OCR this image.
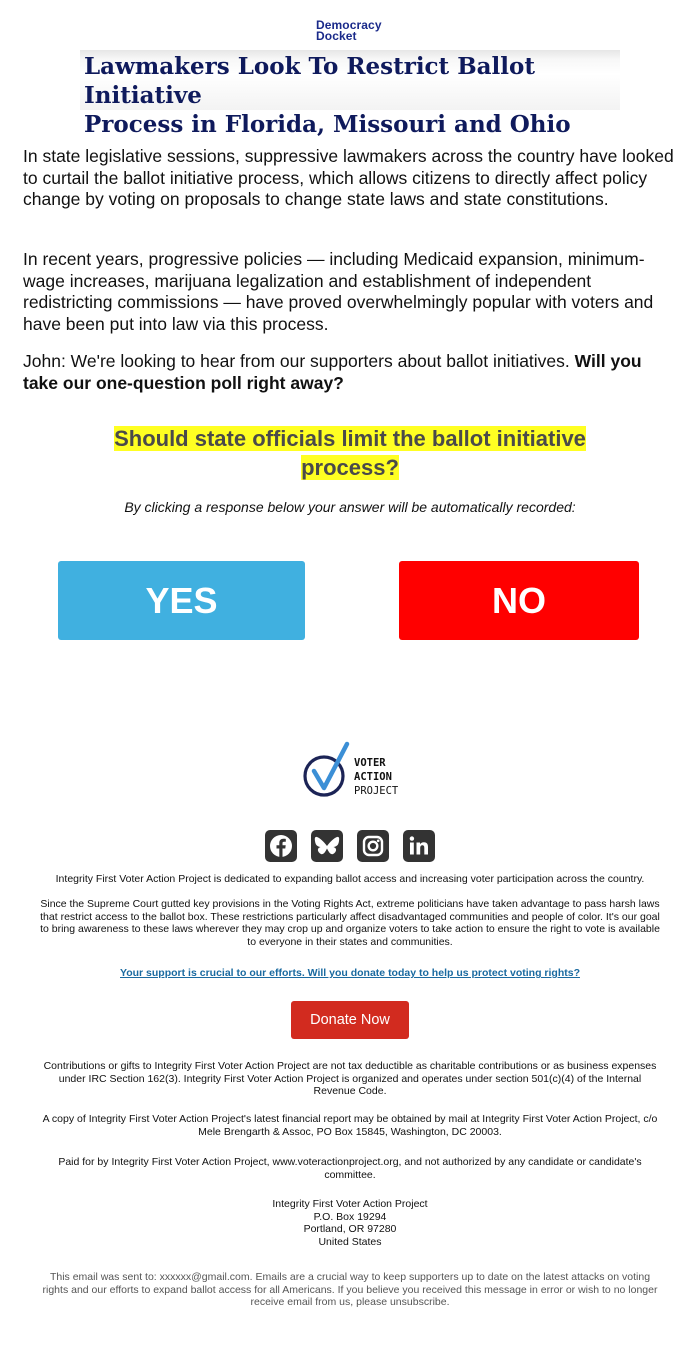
Democracy
Docket
Lawmakers Look To Restrict Ballot Initiative
Process in Florida, Missouri and Ohio

In state legislative sessions, suppressive lawmakers across the country have looked to curtail the ballot initiative process, which allows citizens to directly affect policy change by voting on proposals to change state laws and state constitutions.

In recent years, progressive policies — including Medicaid expansion, minimum-wage increases, marijuana legalization and establishment of independent redistricting commissions — have proved overwhelmingly popular with voters and have been put into law via this process.

John: We're looking to hear from our supporters about ballot initiatives. Will you take our one-question poll right away?

Should state officials limit the ballot initiative
process?

By clicking a response below your answer will be automatically recorded:

YES	NO
VOTER
ACTION
PROJECT

Integrity First Voter Action Project is dedicated to expanding ballot access and increasing voter participation across the country.

Since the Supreme Court gutted key provisions in the Voting Rights Act, extreme politicians have taken advantage to pass harsh laws
that restrict access to the ballot box. These restrictions particularly affect disadvantaged communities and people of color. It's our goal
to bring awareness to these laws wherever they may crop up and organize voters to take action to ensure the right to vote is available
to everyone in their states and communities.

Your support is crucial to our efforts. Will you donate today to help us protect voting rights?

Donate Now
Contributions or gifts to Integrity First Voter Action Project are not tax deductible as charitable contributions or as business expenses
under IRC Section 162(3). Integrity First Voter Action Project is organized and operates under section 501(c)(4) of the Internal
Revenue Code.
A copy of Integrity First Voter Action Project's latest financial report may be obtained by mail at Integrity First Voter Action Project, c/o
Mele Brengarth & Assoc, PO Box 15845, Washington, DC 20003.
Paid for by Integrity First Voter Action Project, www.voteractionproject.org, and not authorized by any candidate or candidate's
committee.
Integrity First Voter Action Project
P.O. Box 19294
Portland, OR 97280
United States
This email was sent to: xxxxxx@gmail.com. Emails are a crucial way to keep supporters up to date on the latest attacks on voting
rights and our efforts to expand ballot access for all Americans. If you believe you received this message in error or wish to no longer
receive email from us, please unsubscribe.
